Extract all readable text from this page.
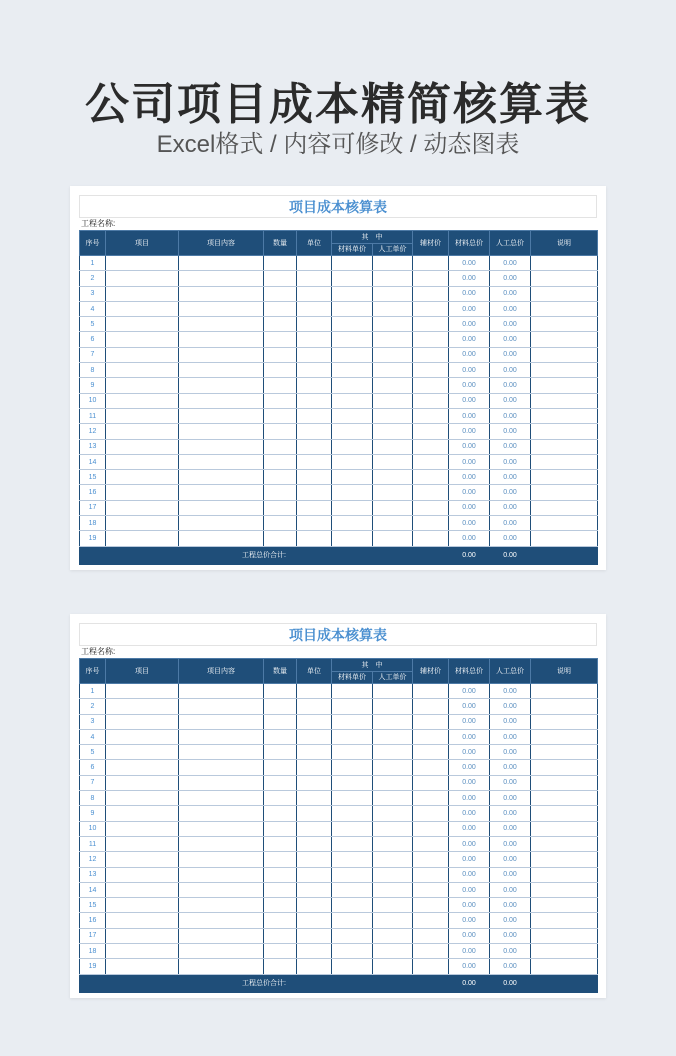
公司项目成本精简核算表
Excel格式 / 内容可修改 / 动态图表
项目成本核算表
工程名称:
序号	项目	项目内容	数量	单位	其　中		辅材价	材料总价	人工总价	说明
					材料单价	人工单价				
1								0.00	0.00	
2								0.00	0.00	
3								0.00	0.00	
4								0.00	0.00	
5								0.00	0.00	
6								0.00	0.00	
7								0.00	0.00	
8								0.00	0.00	
9								0.00	0.00	
10								0.00	0.00	
11								0.00	0.00	
12								0.00	0.00	
13								0.00	0.00	
14								0.00	0.00	
15								0.00	0.00	
16								0.00	0.00	
17								0.00	0.00	
18								0.00	0.00	
19								0.00	0.00	
工程总价合计:								0.00	0.00	
项目成本核算表
工程名称:
序号	项目	项目内容	数量	单位	其　中		辅材价	材料总价	人工总价	说明
					材料单价	人工单价				
1								0.00	0.00	
2								0.00	0.00	
3								0.00	0.00	
4								0.00	0.00	
5								0.00	0.00	
6								0.00	0.00	
7								0.00	0.00	
8								0.00	0.00	
9								0.00	0.00	
10								0.00	0.00	
11								0.00	0.00	
12								0.00	0.00	
13								0.00	0.00	
14								0.00	0.00	
15								0.00	0.00	
16								0.00	0.00	
17								0.00	0.00	
18								0.00	0.00	
19								0.00	0.00	
工程总价合计:								0.00	0.00	
